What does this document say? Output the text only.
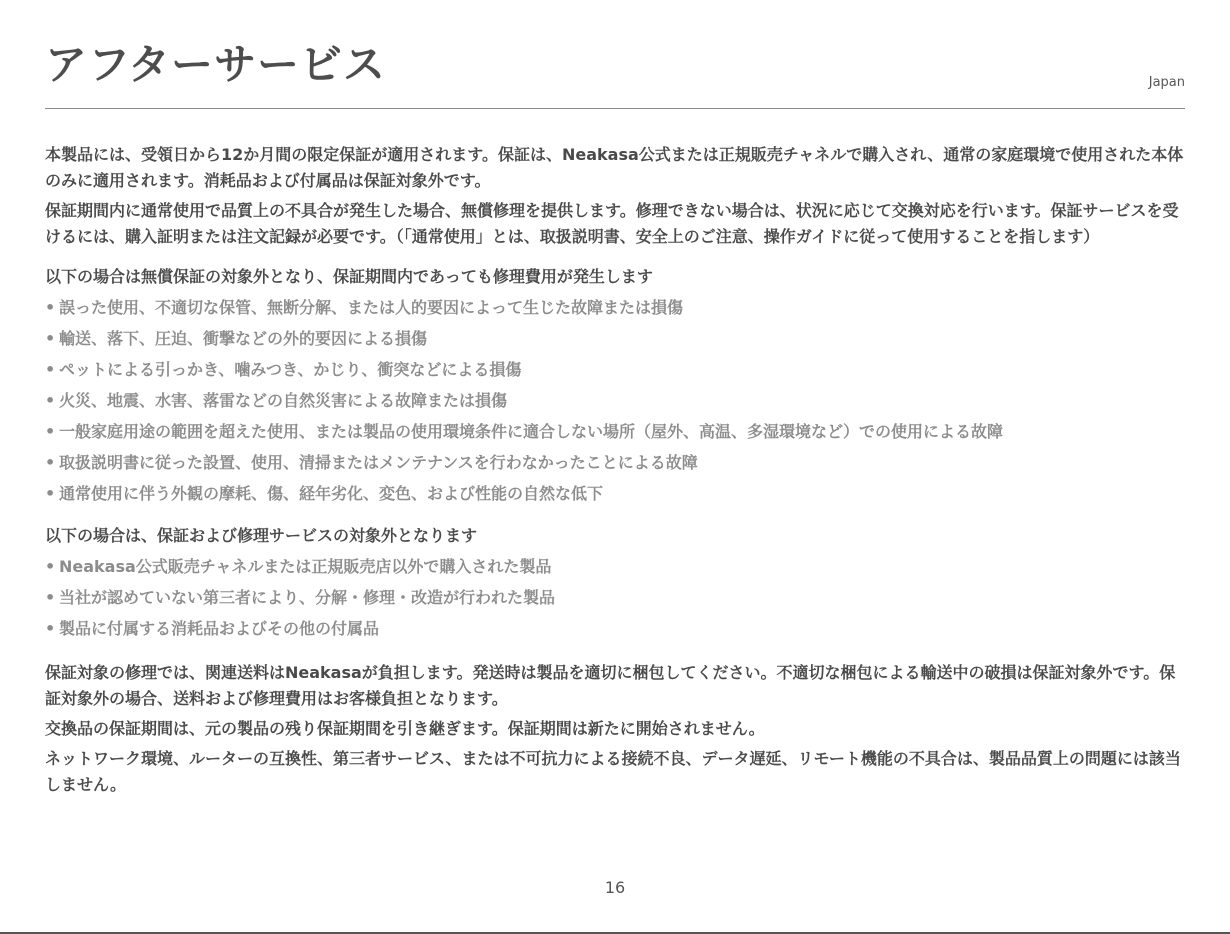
アフターサービス	Japan

本製品には、受領日から12か月間の限定保証が適用されます。保証は、Neakasa公式または正規販売チャネルで購入され、通常の家庭環境で使用された本体のみに適用されます。消耗品および付属品は保証対象外です。

保証期間内に通常使用で品質上の不具合が発生した場合、無償修理を提供します。修理できない場合は、状況に応じて交換対応を行います。保証サービスを受けるには、購入証明または注文記録が必要です。（「通常使用」とは、取扱説明書、安全上のご注意、操作ガイドに従って使用することを指します）

以下の場合は無償保証の対象外となり、保証期間内であっても修理費用が発生します
• 誤った使用、不適切な保管、無断分解、または人的要因によって生じた故障または損傷
• 輸送、落下、圧迫、衝撃などの外的要因による損傷
• ペットによる引っかき、噛みつき、かじり、衝突などによる損傷
• 火災、地震、水害、落雷などの自然災害による故障または損傷
• 一般家庭用途の範囲を超えた使用、または製品の使用環境条件に適合しない場所（屋外、高温、多湿環境など）での使用による故障
• 取扱説明書に従った設置、使用、清掃またはメンテナンスを行わなかったことによる故障
• 通常使用に伴う外観の摩耗、傷、経年劣化、変色、および性能の自然な低下
以下の場合は、保証および修理サービスの対象外となります
• Neakasa公式販売チャネルまたは正規販売店以外で購入された製品
• 当社が認めていない第三者により、分解・修理・改造が行われた製品
• 製品に付属する消耗品およびその他の付属品

保証対象の修理では、関連送料はNeakasaが負担します。発送時は製品を適切に梱包してください。不適切な梱包による輸送中の破損は保証対象外です。保証対象外の場合、送料および修理費用はお客様負担となります。

交換品の保証期間は、元の製品の残り保証期間を引き継ぎます。保証期間は新たに開始されません。

ネットワーク環境、ルーターの互換性、第三者サービス、または不可抗力による接続不良、データ遅延、リモート機能の不具合は、製品品質上の問題には該当しません。

16
